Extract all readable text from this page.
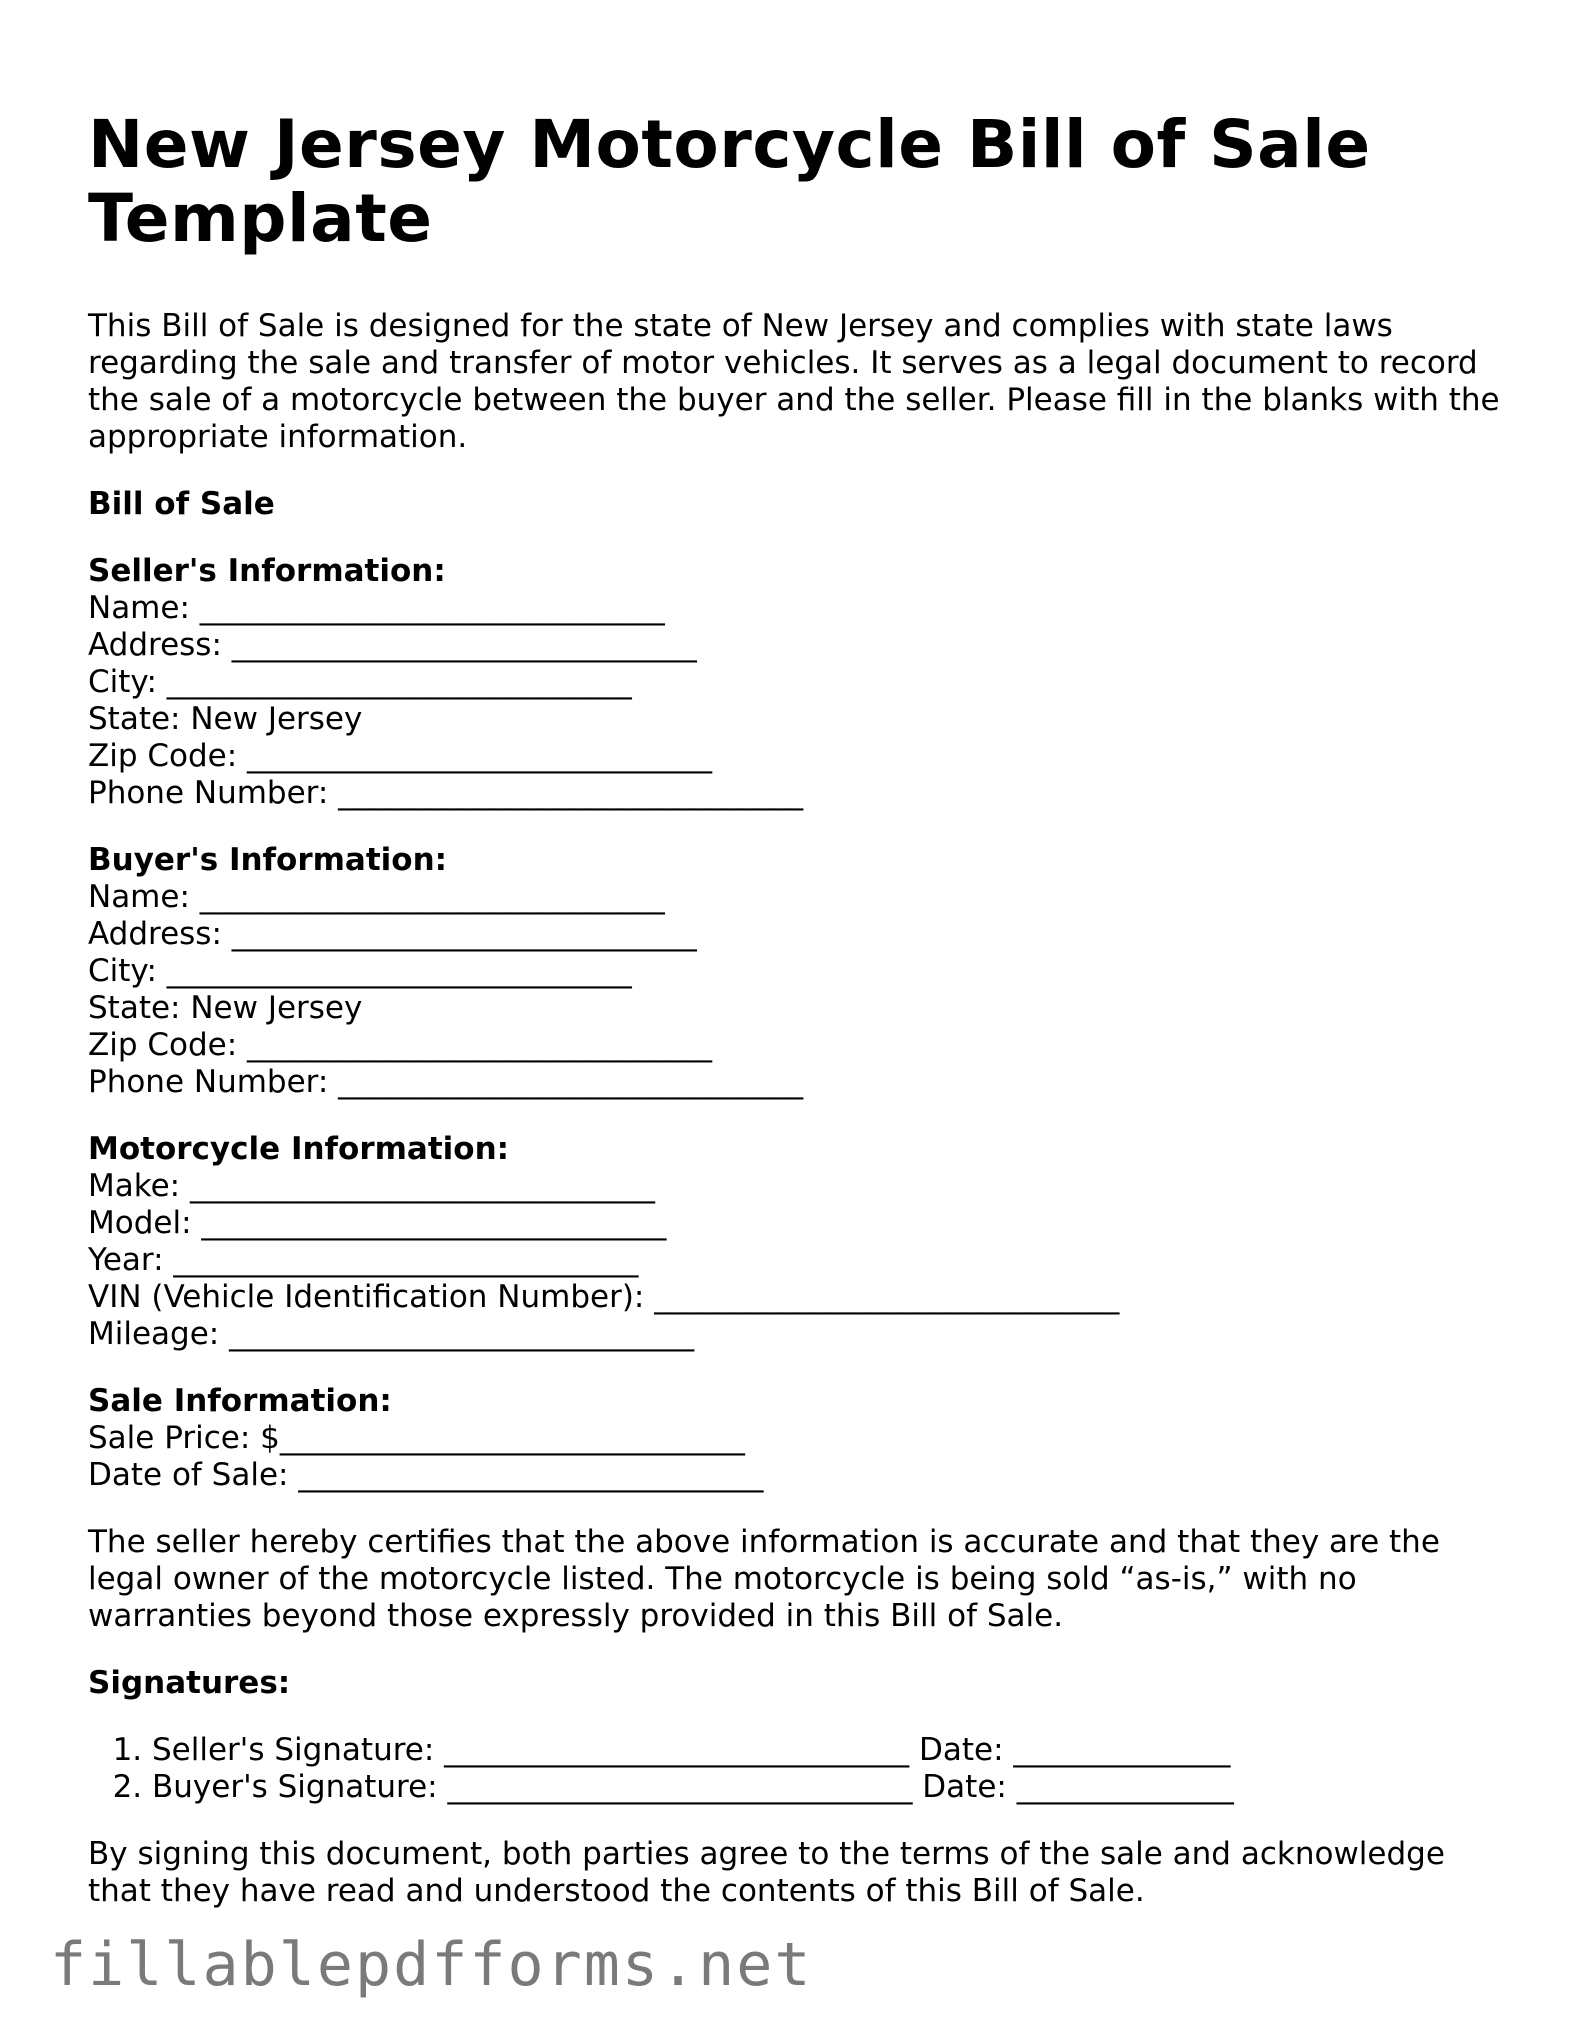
New Jersey Motorcycle Bill of Sale Template

This Bill of Sale is designed for the state of New Jersey and complies with state laws regarding the sale and transfer of motor vehicles. It serves as a legal document to record the sale of a motorcycle between the buyer and the seller. Please fill in the blanks with the appropriate information.

Bill of Sale
Seller's Information:
Name: ______________________________
Address: ______________________________
City: ______________________________
State: New Jersey
Zip Code: ______________________________
Phone Number: ______________________________
Buyer's Information:
Name: ______________________________
Address: ______________________________
City: ______________________________
State: New Jersey
Zip Code: ______________________________
Phone Number: ______________________________
Motorcycle Information:
Make: ______________________________
Model: ______________________________
Year: ______________________________
VIN (Vehicle Identification Number): ______________________________
Mileage: ______________________________
Sale Information:
Sale Price: $______________________________
Date of Sale: ______________________________

The seller hereby certifies that the above information is accurate and that they are the legal owner of the motorcycle listed. The motorcycle is being sold “as-is,” with no warranties beyond those expressly provided in this Bill of Sale.

Signatures:
1. Seller's Signature: ______________________________ Date: ______________
2. Buyer's Signature: ______________________________ Date: ______________

By signing this document, both parties agree to the terms of the sale and acknowledge that they have read and understood the contents of this Bill of Sale.

fillablepdfforms.net
